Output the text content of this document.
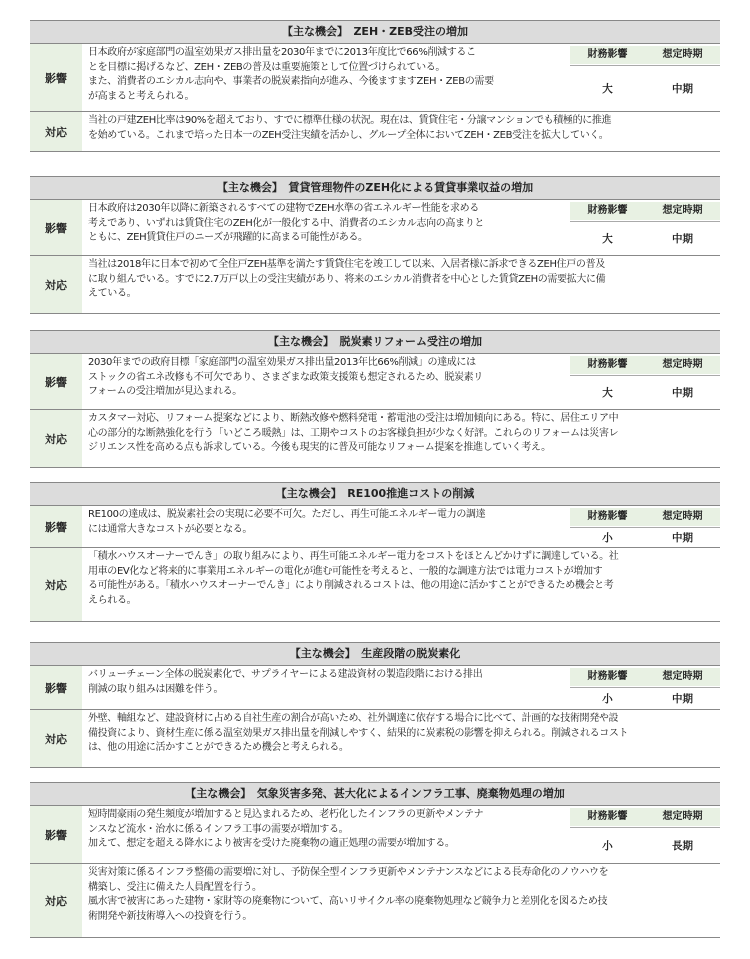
【主な機会】　ZEH・ZEB受注の増加
影響
日本政府が家庭部門の温室効果ガス排出量を2030年までに2013年度比で66%削減するこ
とを目標に掲げるなど、ZEH・ZEBの普及は重要施策として位置づけられている。
また、消費者のエシカル志向や、事業者の脱炭素指向が進み、今後ますますZEH・ZEBの需要
が高まると考えられる。
財務影響	想定時期
大	中期
対応
当社の戸建ZEH比率は90%を超えており、すでに標準仕様の状況。現在は、賃貸住宅・分譲マンションでも積極的に推進
を始めている。これまで培った日本一のZEH受注実績を活かし、グループ全体においてZEH・ZEB受注を拡大していく。
【主な機会】　賃貸管理物件のZEH化による賃貸事業収益の増加
影響
日本政府は2030年以降に新築されるすべての建物でZEH水準の省エネルギー性能を求める
考えであり、いずれは賃貸住宅のZEH化が一般化する中、消費者のエシカル志向の高まりと
ともに、ZEH賃貸住戸のニーズが飛躍的に高まる可能性がある。
財務影響	想定時期
大	中期
対応
当社は2018年に日本で初めて全住戸ZEH基準を満たす賃貸住宅を竣工して以来、入居者様に訴求できるZEH住戸の普及
に取り組んでいる。すでに2.7万戸以上の受注実績があり、将来のエシカル消費者を中心とした賃貸ZEHの需要拡大に備
えている。
【主な機会】　脱炭素リフォーム受注の増加
影響
2030年までの政府目標「家庭部門の温室効果ガス排出量2013年比66%削減」の達成には
ストックの省エネ改修も不可欠であり、さまざまな政策支援策も想定されるため、脱炭素リ
フォームの受注増加が見込まれる。
財務影響	想定時期
大	中期
対応
カスタマー対応、リフォーム提案などにより、断熱改修や燃料発電・蓄電池の受注は増加傾向にある。特に、居住エリア中
心の部分的な断熱強化を行う「いどころ暖熱」は、工期やコストのお客様負担が少なく好評。これらのリフォームは災害レ
ジリエンス性を高める点も訴求している。今後も現実的に普及可能なリフォーム提案を推進していく考え。
【主な機会】　RE100推進コストの削減
影響
RE100の達成は、脱炭素社会の実現に必要不可欠。ただし、再生可能エネルギー電力の調達
には通常大きなコストが必要となる。
財務影響	想定時期
小	中期
対応
「積水ハウスオーナーでんき」の取り組みにより、再生可能エネルギー電力をコストをほとんどかけずに調達している。社
用車のEV化など将来的に事業用エネルギーの電化が進む可能性を考えると、一般的な調達方法では電力コストが増加す
る可能性がある。「積水ハウスオーナーでんき」により削減されるコストは、他の用途に活かすことができるため機会と考
えられる。
【主な機会】　生産段階の脱炭素化
影響
バリューチェーン全体の脱炭素化で、サプライヤーによる建設資材の製造段階における排出
削減の取り組みは困難を伴う。
財務影響	想定時期
小	中期
対応
外壁、軸組など、建設資材に占める自社生産の割合が高いため、社外調達に依存する場合に比べて、計画的な技術開発や設
備投資により、資材生産に係る温室効果ガス排出量を削減しやすく、結果的に炭素税の影響を抑えられる。削減されるコスト
は、他の用途に活かすことができるため機会と考えられる。
【主な機会】　気象災害多発、甚大化によるインフラ工事、廃棄物処理の増加
影響
短時間豪雨の発生頻度が増加すると見込まれるため、老朽化したインフラの更新やメンテナ
ンスなど流水・治水に係るインフラ工事の需要が増加する。
加えて、想定を超える降水により被害を受けた廃棄物の適正処理の需要が増加する。
財務影響	想定時期
小	長期
対応
災害対策に係るインフラ整備の需要増に対し、予防保全型インフラ更新やメンテナンスなどによる長寿命化のノウハウを
構築し、受注に備えた人員配置を行う。
風水害で被害にあった建物・家財等の廃棄物について、高いリサイクル率の廃棄物処理など競争力と差別化を図るため技
術開発や新技術導入への投資を行う。
